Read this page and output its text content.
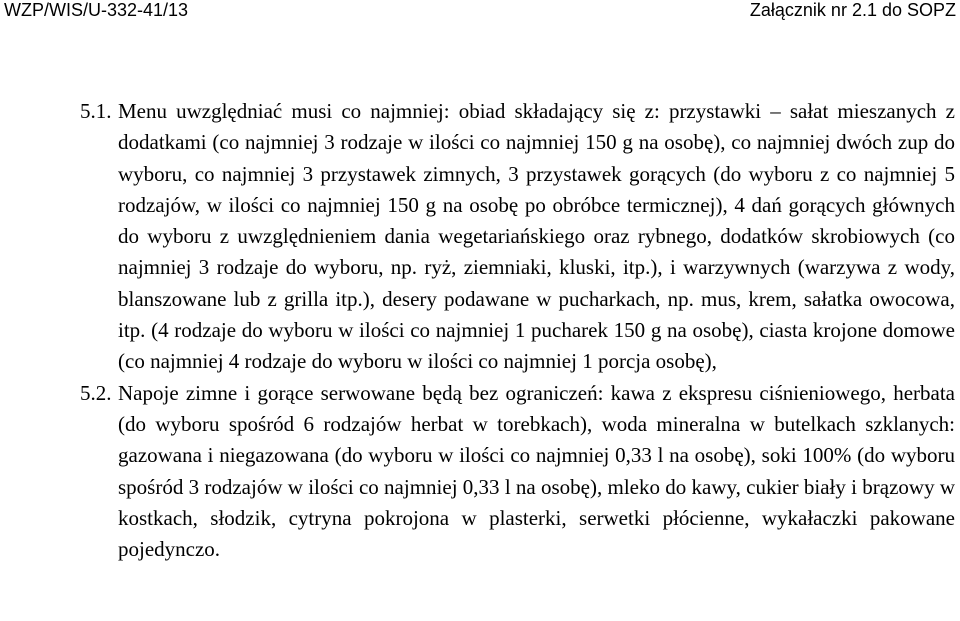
WZP/WIS/U-332-41/13	Załącznik nr 2.1 do SOPZ

5.1. Menu uwzględniać musi co najmniej: obiad składający się z: przystawki – sałat mieszanych z dodatkami (co najmniej 3 rodzaje w ilości co najmniej 150 g na osobę), co najmniej dwóch zup do wyboru, co najmniej 3 przystawek zimnych, 3 przystawek gorących (do wyboru z co najmniej 5 rodzajów, w ilości co najmniej 150 g na osobę po obróbce termicznej), 4 dań gorących głównych do wyboru z uwzględnieniem dania wegetariańskiego oraz rybnego, dodatków skrobiowych (co najmniej 3 rodzaje do wyboru, np. ryż, ziemniaki, kluski, itp.), i warzywnych (warzywa z wody, blanszowane lub z grilla itp.), desery podawane w pucharkach, np. mus, krem, sałatka owocowa, itp. (4 rodzaje do wyboru w ilości co najmniej 1 pucharek 150 g na osobę), ciasta krojone domowe (co najmniej 4 rodzaje do wyboru w ilości co najmniej 1 porcja osobę),

5.2. Napoje zimne i gorące serwowane będą bez ograniczeń: kawa z ekspresu ciśnieniowego, herbata (do wyboru spośród 6 rodzajów herbat w torebkach), woda mineralna w butelkach szklanych: gazowana i niegazowana (do wyboru w ilości co najmniej 0,33 l na osobę), soki 100% (do wyboru spośród 3 rodzajów w ilości co najmniej 0,33 l na osobę), mleko do kawy, cukier biały i brązowy w kostkach, słodzik, cytryna pokrojona w plasterki, serwetki płócienne, wykałaczki pakowane pojedynczo.
